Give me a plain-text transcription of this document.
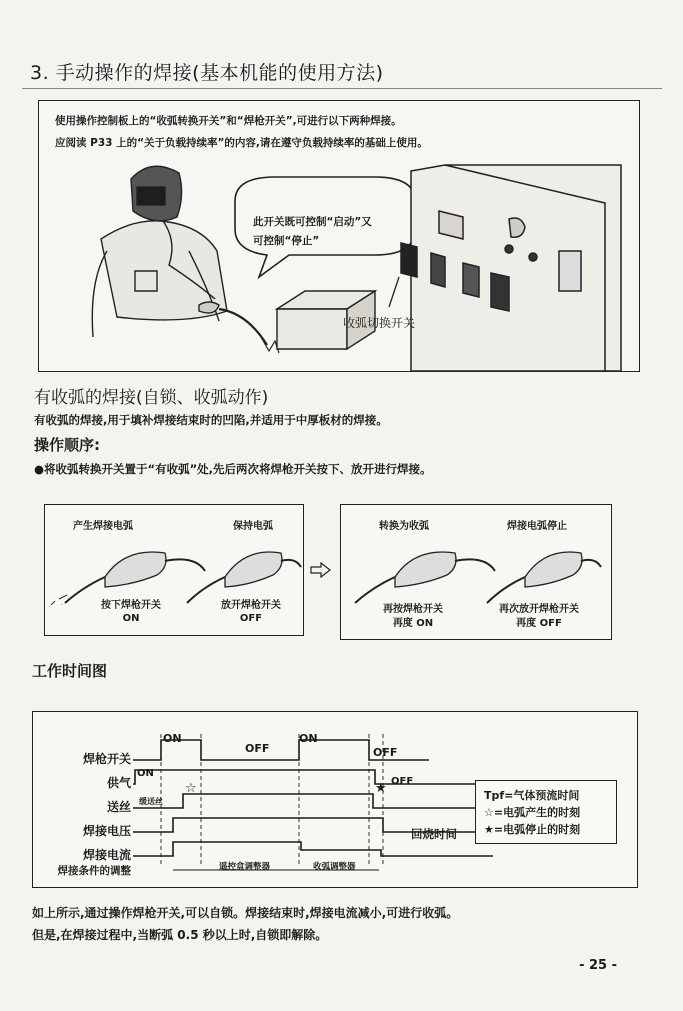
3. 手动操作的焊接(基本机能的使用方法)
使用操作控制板上的“收弧转换开关”和“焊枪开关”,可进行以下两种焊接。
应阅读 P33 上的“关于负载持续率”的内容,请在遵守负载持续率的基础上使用。
此开关既可控制“启动”又
可控制“停止”
收弧切换开关
有收弧的焊接(自锁、收弧动作)
有收弧的焊接,用于填补焊接结束时的凹陷,并适用于中厚板材的焊接。
操作顺序:
●将收弧转换开关置于“有收弧”处,先后两次将焊枪开关按下、放开进行焊接。
产生焊接电弧	保持电弧
按下焊枪开关
ON
放开焊枪开关
OFF
转换为收弧	焊接电弧停止
再按焊枪开关
再度 ON
再次放开焊枪开关
再度 OFF
工作时间图
焊枪开关
供气
送丝
焊接电压
焊接电流
焊接条件的调整
☆	★
ON
OFF
ON
OFF
ON
OFF
缓送丝
回烧时间
遥控盒调整器	收弧调整器
Tpf=气体预流时间
☆=电弧产生的时刻
★=电弧停止的时刻
如上所示,通过操作焊枪开关,可以自锁。焊接结束时,焊接电流减小,可进行收弧。
但是,在焊接过程中,当断弧 0.5 秒以上时,自锁即解除。
- 25 -
